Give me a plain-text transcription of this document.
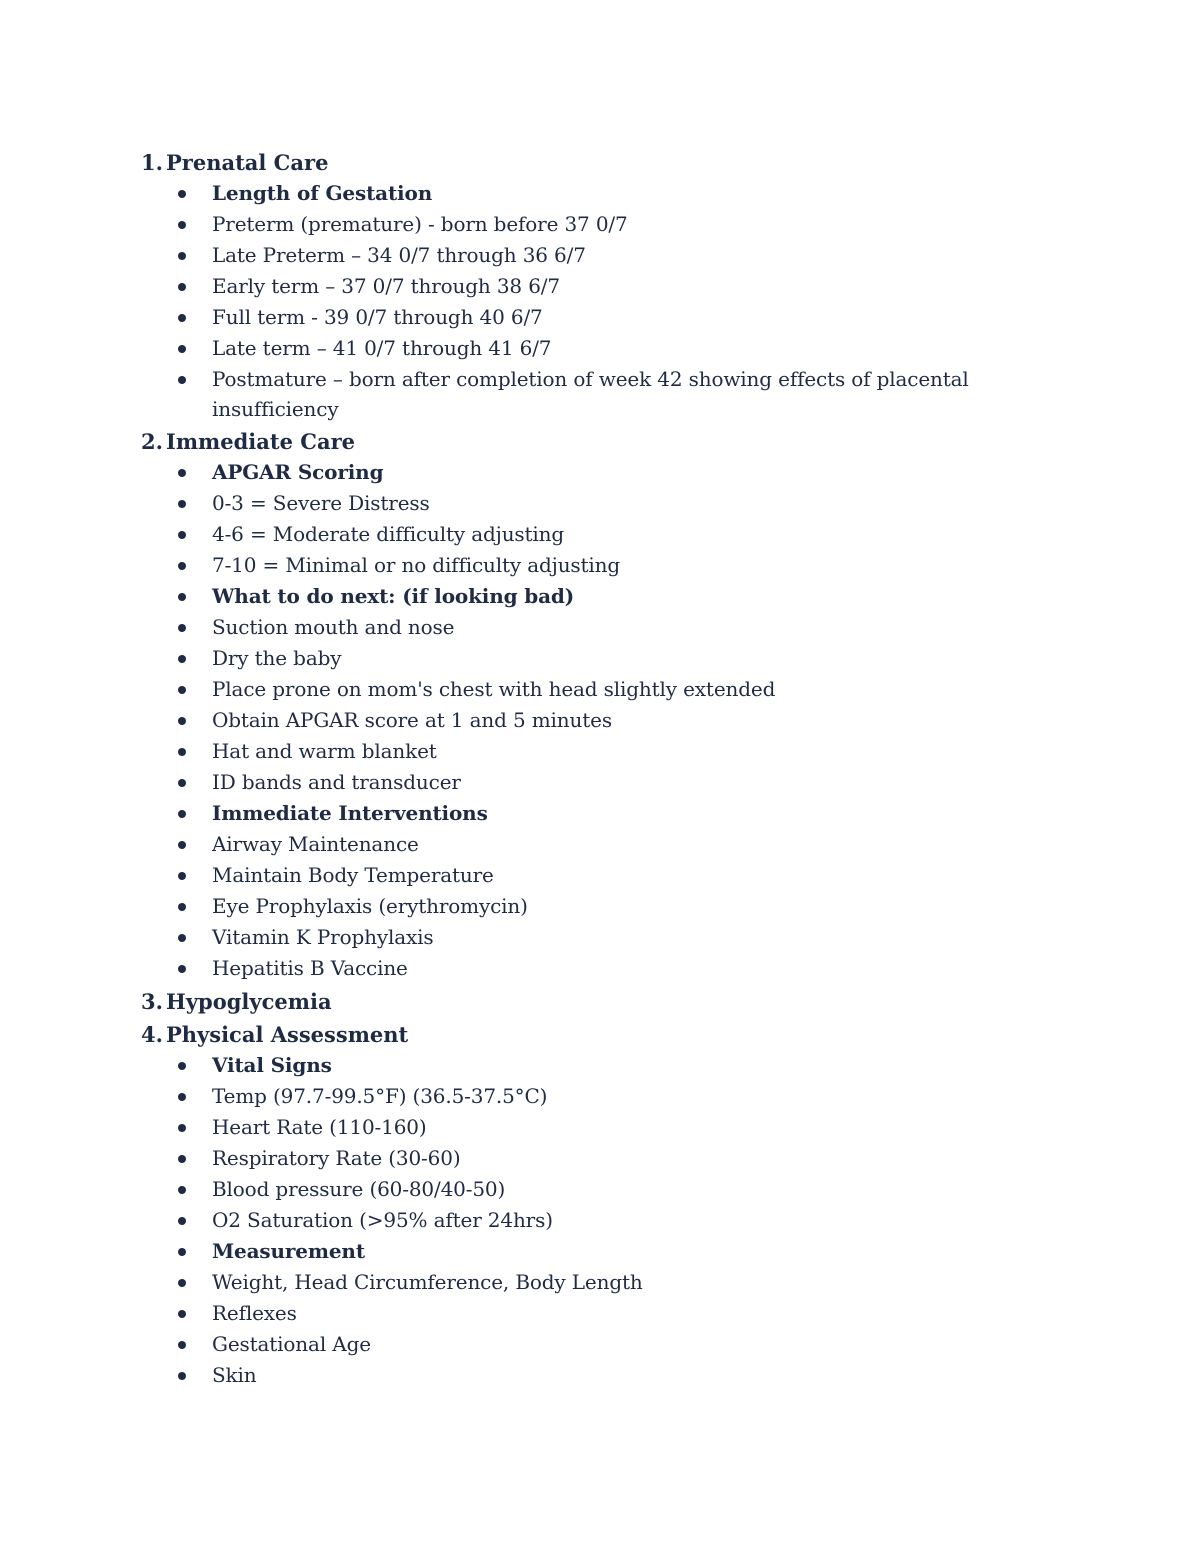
1. Prenatal Care
Length of Gestation
Preterm (premature) - born before 37 0/7
Late Preterm – 34 0/7 through 36 6/7
Early term – 37 0/7 through 38 6/7
Full term - 39 0/7 through 40 6/7
Late term – 41 0/7 through 41 6/7
Postmature – born after completion of week 42 showing effects of placental insufficiency
2. Immediate Care
APGAR Scoring
0-3 = Severe Distress
4-6 = Moderate difficulty adjusting
7-10 = Minimal or no difficulty adjusting
What to do next: (if looking bad)
Suction mouth and nose
Dry the baby
Place prone on mom's chest with head slightly extended
Obtain APGAR score at 1 and 5 minutes
Hat and warm blanket
ID bands and transducer
Immediate Interventions
Airway Maintenance
Maintain Body Temperature
Eye Prophylaxis (erythromycin)
Vitamin K Prophylaxis
Hepatitis B Vaccine
3. Hypoglycemia
4. Physical Assessment
Vital Signs
Temp (97.7-99.5°F) (36.5-37.5°C)
Heart Rate (110-160)
Respiratory Rate (30-60)
Blood pressure (60-80/40-50)
O2 Saturation (>95% after 24hrs)
Measurement
Weight, Head Circumference, Body Length
Reflexes
Gestational Age
Skin
